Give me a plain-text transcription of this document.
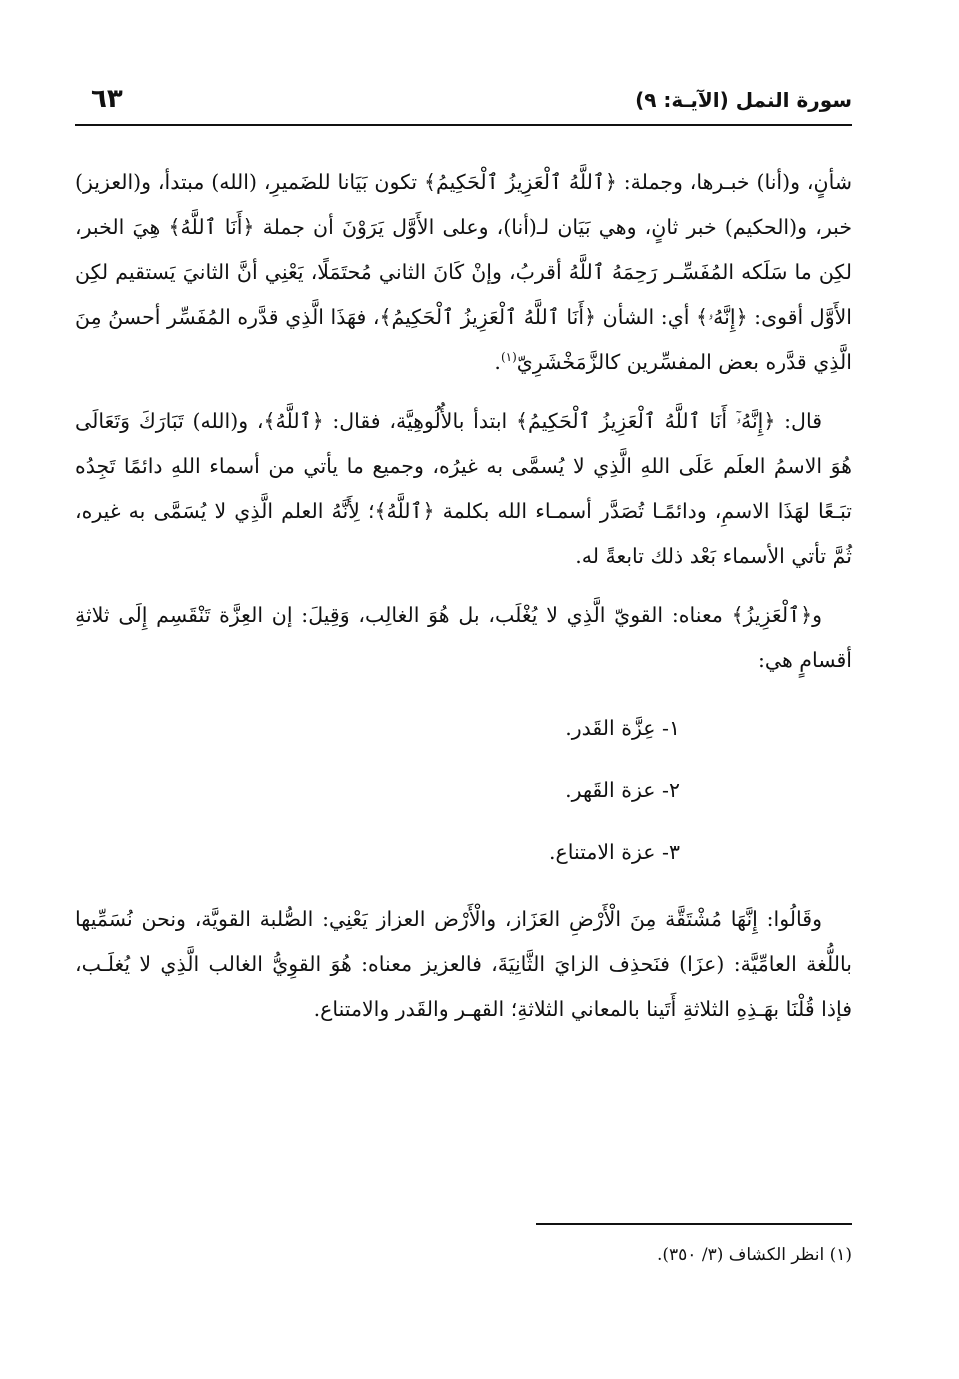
سورة النمل (الآيـة: ٩)
٦٣

شأنٍ، و(أنا) خبـرها، وجملة: ﴿ٱللَّهُ ٱلْعَزِيزُ ٱلْحَكِيمُ﴾ تكون بَيَانا للضَميرِ، (الله) مبتدأ، و(العزيز) خبر، و(الحكيم) خبر ثانٍ، وهي بَيَان لـ(أنا)، وعلى الأَوَّل يَرَوْنَ أن جملة ﴿أَنَا ٱللَّهُ﴾ هِيَ الخبر، لكِن ما سَلَكه المُفَسِّـر رَحِمَهُ ٱللَّهُ أقربُ، وإنْ كَانَ الثاني مُحتَمَلًا، يَعْنِي أنَّ الثانيَ يَستقيم لكِن الأَوَّل أقوى: ﴿إِنَّهُۥ﴾ أي: الشأن ﴿أَنَا ٱللَّهُ ٱلْعَزِيزُ ٱلْحَكِيمُ﴾، فهَذَا الَّذِي قدَّره المُفَسِّر أحسنُ مِنَ الَّذِي قدَّره بعض المفسِّرين كالزَّمَخْشَرِيّ$^{(١)}$.

قال: ﴿إِنَّهُۥٓ أَنَا ٱللَّهُ ٱلْعَزِيزُ ٱلْحَكِيمُ﴾ ابتدأ بالأُلُوهِيَّة، فقال: ﴿ٱللَّهُ﴾، و(الله) تَبَارَكَ وَتَعَالَى هُوَ الاسمُ العلَم عَلَى اللهِ الَّذِي لا يُسمَّى به غيرُه، وجميع ما يأتي من أسماء اللهِ دائمًا تَجِدُه تبَـعًا لهَذَا الاسمِ، ودائمًـا تُصَدَّر أسمـاء الله بكلمة ﴿ٱللَّهُ﴾؛ لِأَنَّهُ العلم الَّذِي لا يُسَمَّى به غيره، ثُمَّ تأتي الأسماء بَعْد ذلك تابعةً له.

و﴿ٱلْعَزِيزُ﴾ معناه: القويّ الَّذِي لا يُغْلَب، بل هُوَ الغالِب، وَقِيلَ: إن العِزَّة تَنْقَسِم إِلَى ثلاثةِ أقسامٍ هي:

١- عِزَّة القَدر.
٢- عزة القَهر.
٣- عزة الامتناع.

وقَالُوا: إِنَّهَا مُشْتَقَّة مِنَ الْأَرْضِ العَزَاز، والْأَرْض العزاز يَعْنِي: الصُّلبة القويَّة، ونحن نُسَمِّيها باللُّغة العامِّيَّة: (عزَا) فنَحذِف الزايَ الثَّانِيَةَ، فالعزيز معناه: هُوَ القوِيُّ الغالب الَّذِي لا يُغلَـب، فإذا قُلْنَا بهَـذِهِ الثلاثةِ أَتَينا بالمعاني الثلاثةِ؛ القهـر والقَدر والامتناع.

(١) انظر الكشاف (٣/ ٣٥٠).
